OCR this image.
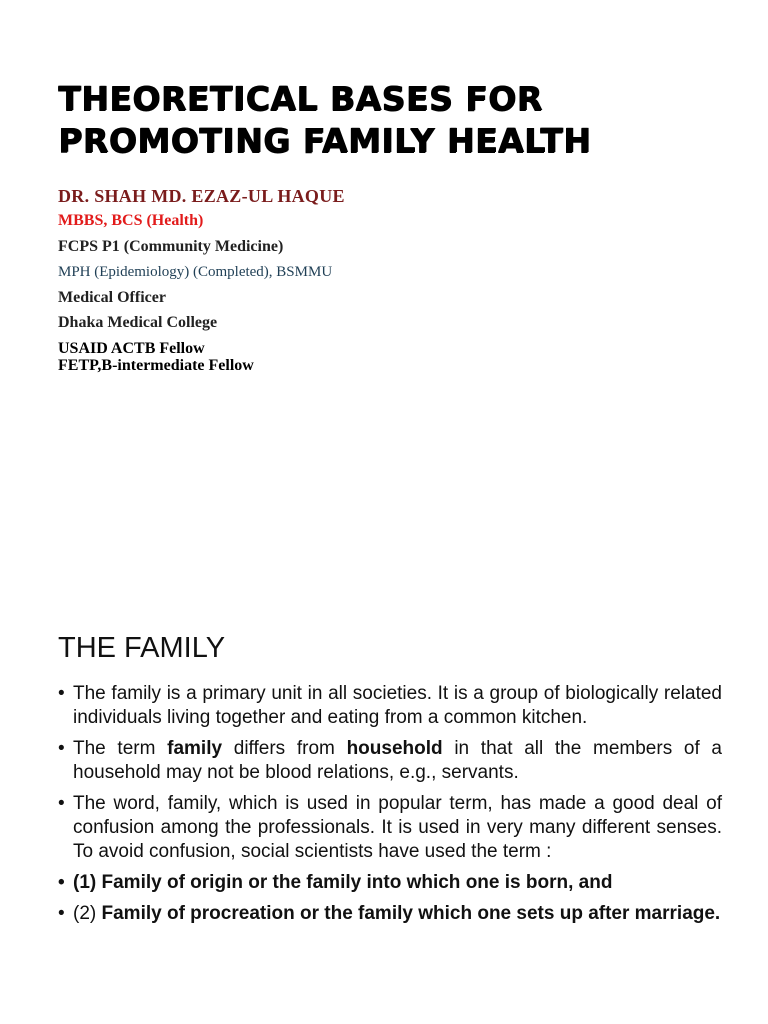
THEORETICAL BASES FOR
PROMOTING FAMILY HEALTH
DR. SHAH MD. EZAZ-UL HAQUE
MBBS, BCS (Health)
FCPS P1 (Community Medicine)
MPH (Epidemiology) (Completed), BSMMU
Medical Officer
Dhaka Medical College
USAID ACTB Fellow
FETP,B-intermediate Fellow
THE FAMILY
• The family is a primary unit in all societies. It is a group of biologically related individuals living together and eating from a common kitchen.
• The term family differs from household in that all the members of a household may not be blood relations, e.g., servants.
• The word, family, which is used in popular term, has made a good deal of confusion among the professionals. It is used in very many different senses. To avoid confusion, social scientists have used the term :
• (1) Family of origin or the family into which one is born, and
• (2) Family of procreation or the family which one sets up after marriage.
